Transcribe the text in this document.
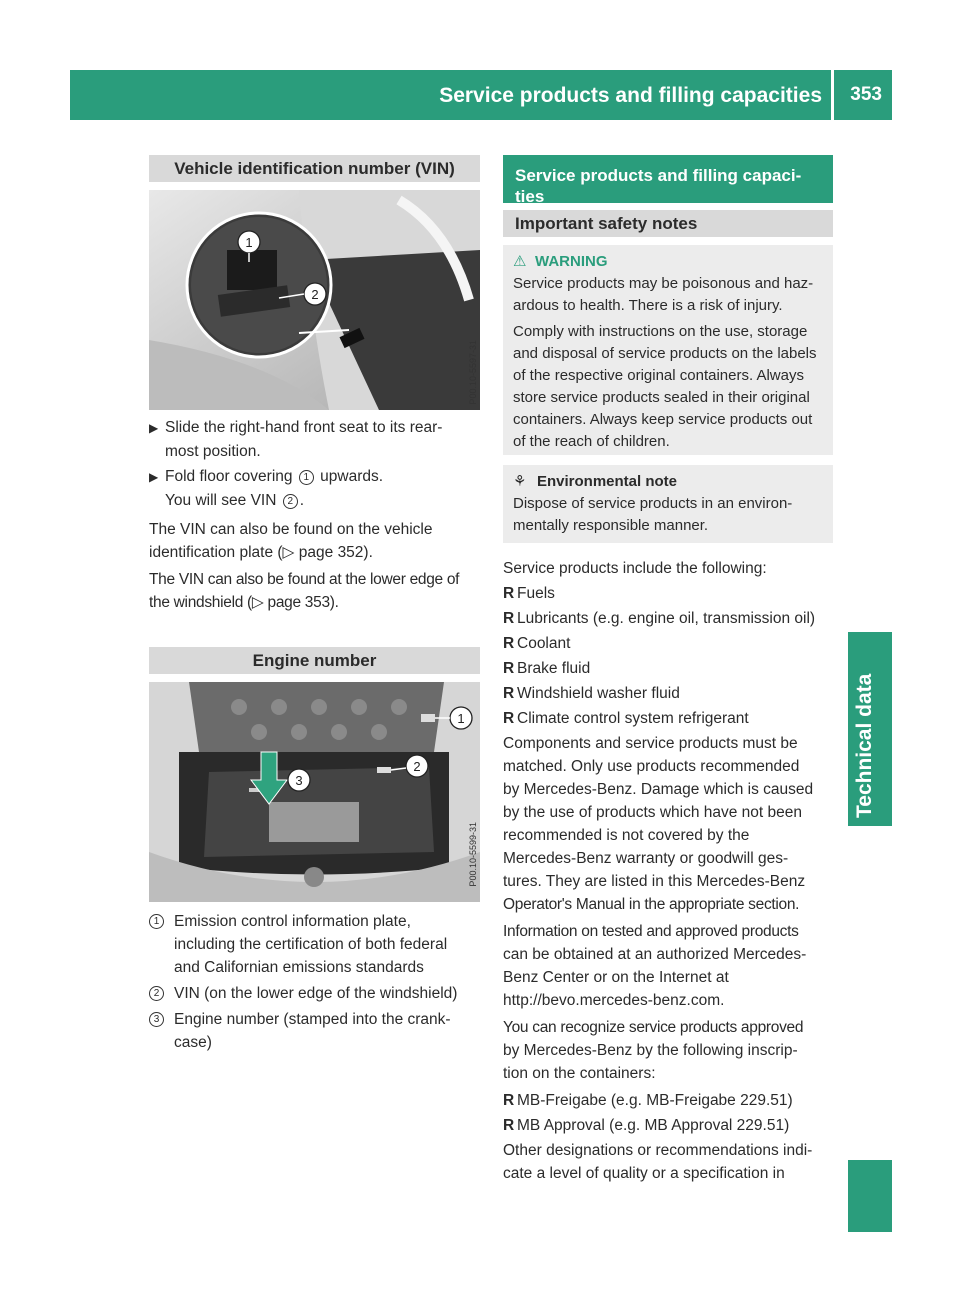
Service products and filling capacities 353
Technical data
Vehicle identification number (VIN)
1
2
P00.10-5597-31
▶ Slide the right-hand front seat to its rear-
most position.
▶ Fold floor covering 1 upwards.
You will see VIN 2 .

The VIN can also be found on the vehicle
identification plate (▷ page 352).

The VIN can also be found at the lower edge of
the windshield (▷ page 353).

Engine number
3
1
2
P00.10-5599-31
1 Emission control information plate,
including the certification of both federal
and Californian emissions standards
2 VIN (on the lower edge of the windshield)
3 Engine number (stamped into the crank-
case)
Service products and filling capaci-
ties
Important safety notes
⚠ WARNING
Service products may be poisonous and haz-
ardous to health. There is a risk of injury.
Comply with instructions on the use, storage
and disposal of service products on the labels
of the respective original containers. Always
store service products sealed in their original
containers. Always keep service products out
of the reach of children.
⚘ Environmental note
Dispose of service products in an environ-
mentally responsible manner.

Service products include the following:

R Fuels
R Lubricants (e.g. engine oil, transmission oil)
R Coolant
R Brake fluid
R Windshield washer fluid
R Climate control system refrigerant

Components and service products must be
matched. Only use products recommended
by Mercedes-Benz. Damage which is caused
by the use of products which have not been
recommended is not covered by the
Mercedes-Benz warranty or goodwill ges-
tures. They are listed in this Mercedes-Benz
Operator's Manual in the appropriate section.

Information on tested and approved products
can be obtained at an authorized Mercedes-
Benz Center or on the Internet at
http://bevo.mercedes-benz.com.

You can recognize service products approved
by Mercedes-Benz by the following inscrip-
tion on the containers:

R MB-Freigabe (e.g. MB-Freigabe 229.51)
R MB Approval (e.g. MB Approval 229.51)

Other designations or recommendations indi-
cate a level of quality or a specification in
